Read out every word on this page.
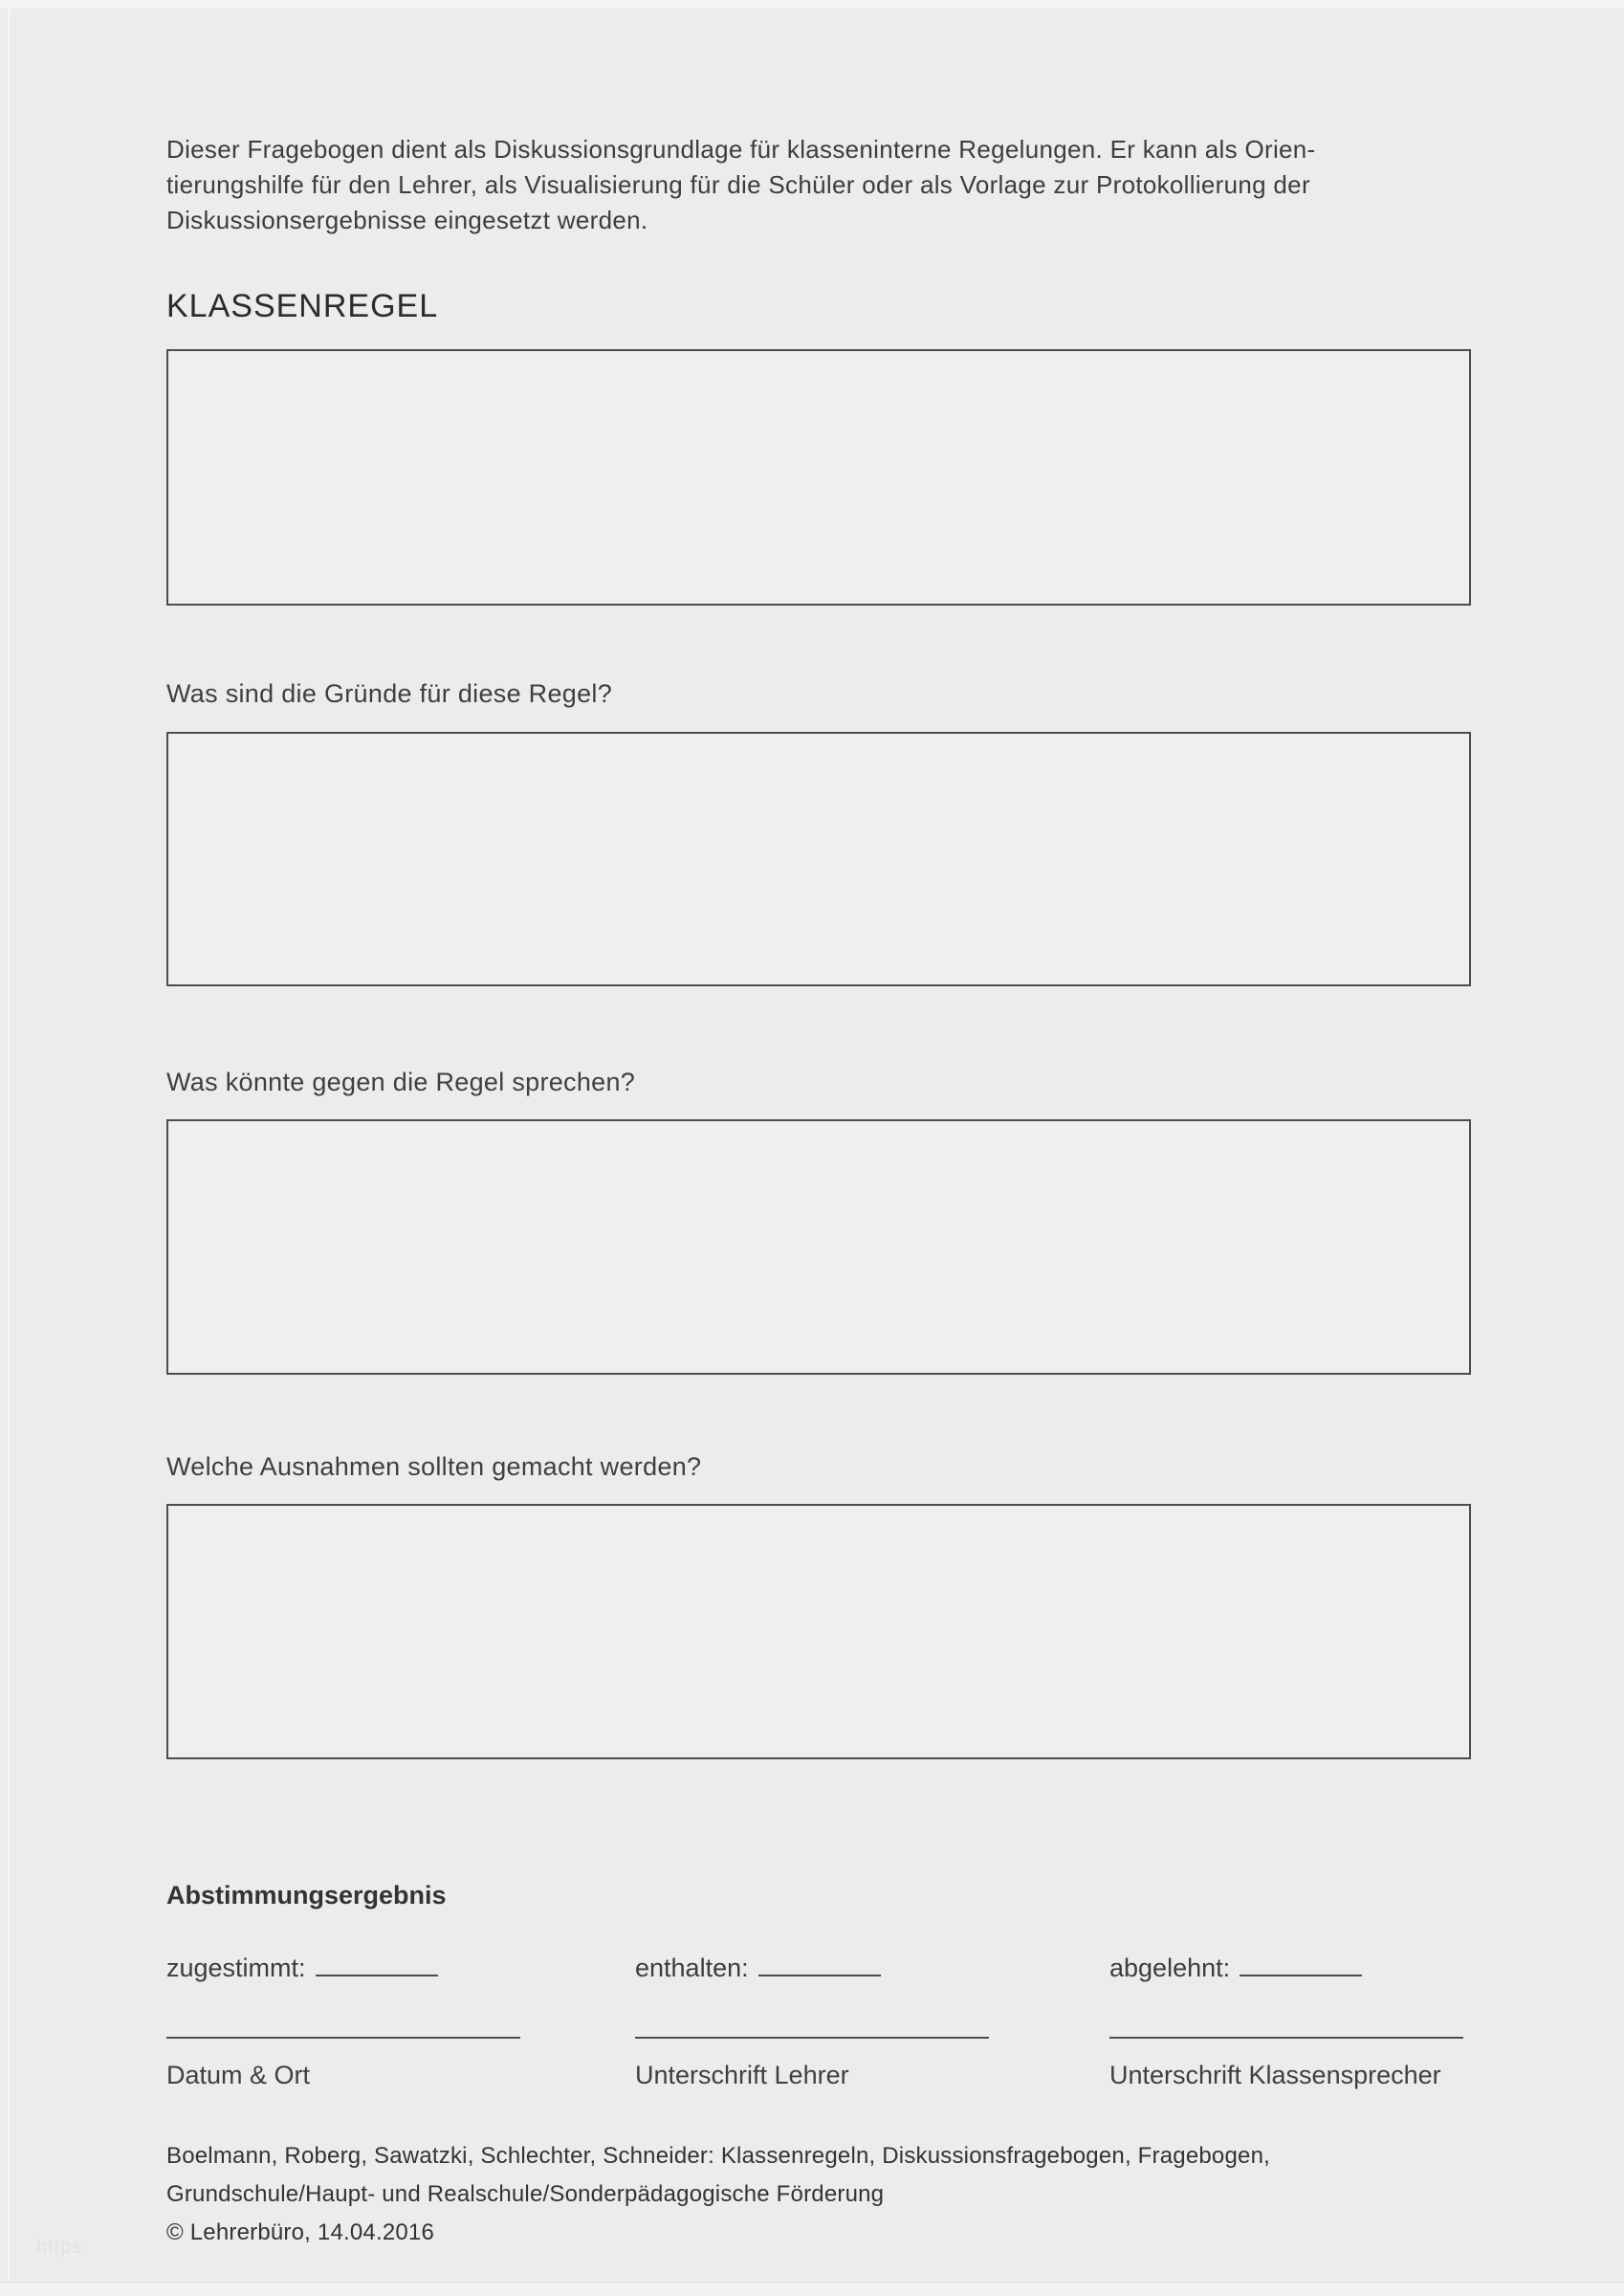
Dieser Fragebogen dient als Diskussionsgrundlage für klasseninterne Regelungen. Er kann als Orien-
tierungshilfe für den Lehrer, als Visualisierung für die Schüler oder als Vorlage zur Protokollierung der
Diskussionsergebnisse eingesetzt werden.

KLASSENREGEL
Was sind die Gründe für diese Regel?
Was könnte gegen die Regel sprechen?
Welche Ausnahmen sollten gemacht werden?
Abstimmungsergebnis
zugestimmt:	enthalten:	abgelehnt:
Datum & Ort	Unterschrift Lehrer	Unterschrift Klassensprecher
Boelmann, Roberg, Sawatzki, Schlechter, Schneider: Klassenregeln, Diskussionsfragebogen, Fragebogen,
Grundschule/Haupt- und Realschule/Sonderpädagogische Förderung
© Lehrerbüro, 14.04.2016
https
